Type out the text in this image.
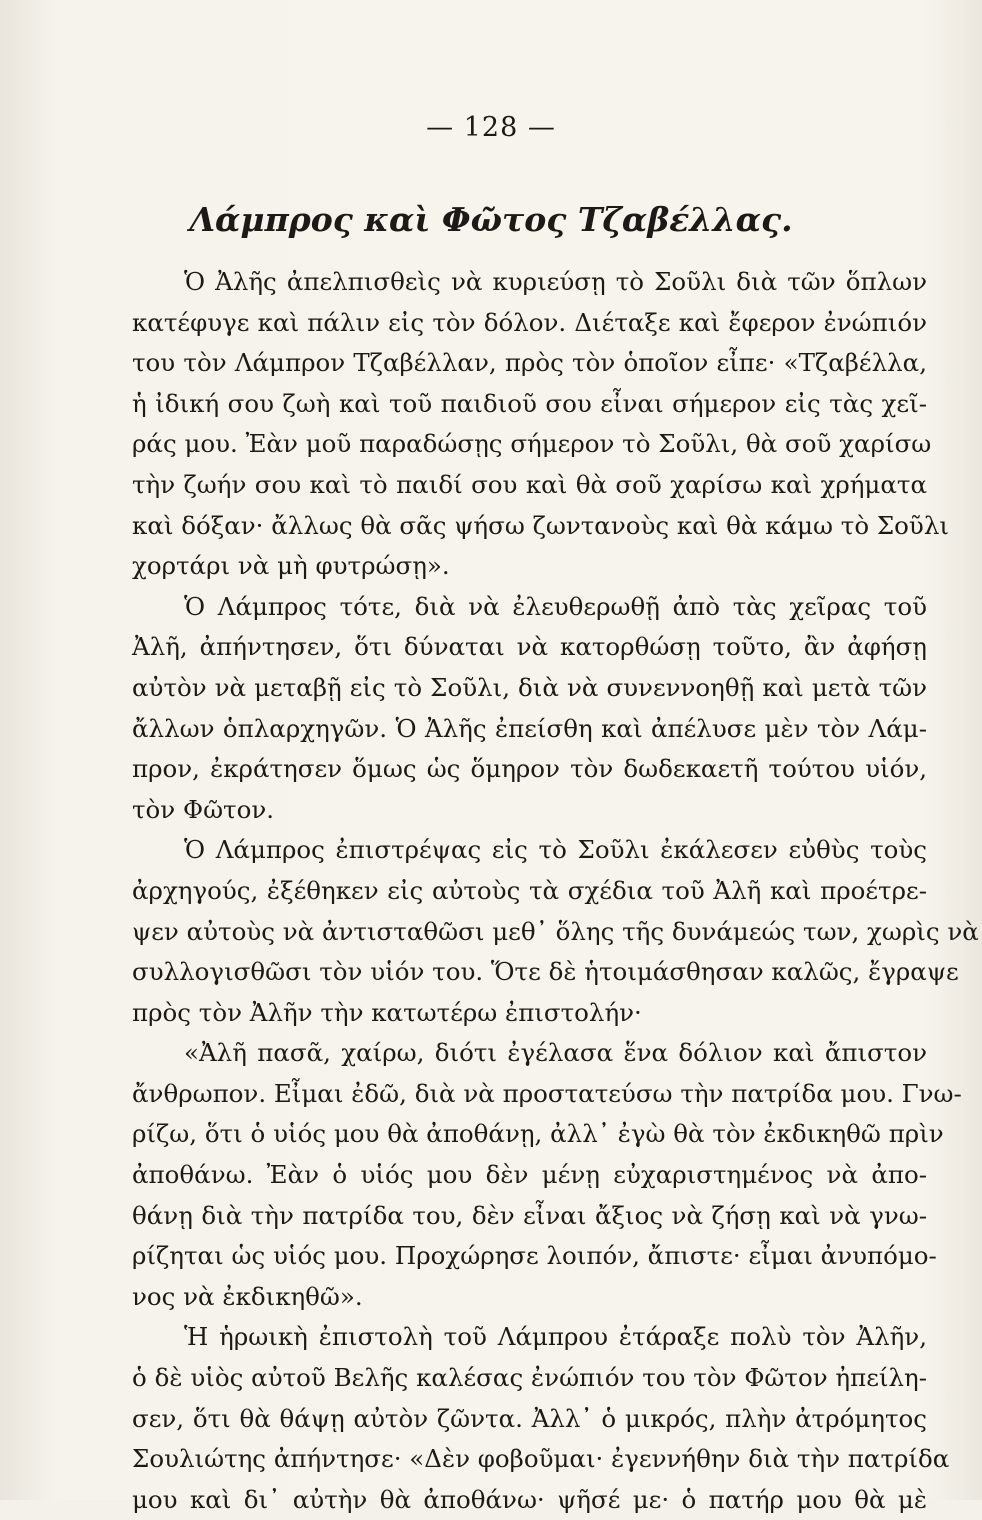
— 128 —
Λάμπρος καὶ Φῶτος Τζαβέλλας.
Ὁ Ἀλῆς ἀπελπισθεὶς νὰ κυριεύσῃ τὸ Σοῦλι διὰ τῶν ὅπλων
κατέφυγε καὶ πάλιν εἰς τὸν δόλον. Διέταξε καὶ ἔφερον ἐνώπιόν
του τὸν Λάμπρον Τζαβέλλαν, πρὸς τὸν ὁποῖον εἶπε· «Τζαβέλλα,
ἡ ἰδική σου ζωὴ καὶ τοῦ παιδιοῦ σου εἶναι σήμερον εἰς τὰς χεῖ-
ράς μου. Ἐὰν μοῦ παραδώσῃς σήμερον τὸ Σοῦλι, θὰ σοῦ χαρίσω
τὴν ζωήν σου καὶ τὸ παιδί σου καὶ θὰ σοῦ χαρίσω καὶ χρήματα
καὶ δόξαν· ἄλλως θὰ σᾶς ψήσω ζωντανοὺς καὶ θὰ κάμω τὸ Σοῦλι
χορτάρι νὰ μὴ φυτρώσῃ».
Ὁ Λάμπρος τότε, διὰ νὰ ἐλευθερωθῇ ἀπὸ τὰς χεῖρας τοῦ
Ἀλῆ, ἀπήντησεν, ὅτι δύναται νὰ κατορθώσῃ τοῦτο, ἂν ἀφήσῃ
αὐτὸν νὰ μεταβῇ εἰς τὸ Σοῦλι, διὰ νὰ συνεννοηθῇ καὶ μετὰ τῶν
ἄλλων ὁπλαρχηγῶν. Ὁ Ἀλῆς ἐπείσθη καὶ ἀπέλυσε μὲν τὸν Λάμ-
προν, ἐκράτησεν ὅμως ὡς ὅμηρον τὸν δωδεκαετῆ τούτου υἱόν,
τὸν Φῶτον.
Ὁ Λάμπρος ἐπιστρέψας εἰς τὸ Σοῦλι ἐκάλεσεν εὐθὺς τοὺς
ἀρχηγούς, ἐξέθηκεν εἰς αὐτοὺς τὰ σχέδια τοῦ Ἀλῆ καὶ προέτρε-
ψεν αὐτοὺς νὰ ἀντισταθῶσι μεθ᾽ ὅλης τῆς δυνάμεώς των, χωρὶς νὰ
συλλογισθῶσι τὸν υἱόν του. Ὅτε δὲ ἡτοιμάσθησαν καλῶς, ἔγραψε
πρὸς τὸν Ἀλῆν τὴν κατωτέρω ἐπιστολήν·
«Ἀλῆ πασᾶ, χαίρω, διότι ἐγέλασα ἕνα δόλιον καὶ ἄπιστον
ἄνθρωπον. Εἶμαι ἐδῶ, διὰ νὰ προστατεύσω τὴν πατρίδα μου. Γνω-
ρίζω, ὅτι ὁ υἱός μου θὰ ἀποθάνῃ, ἀλλ᾽ ἐγὼ θὰ τὸν ἐκδικηθῶ πρὶν
ἀποθάνω. Ἐὰν ὁ υἱός μου δὲν μένῃ εὐχαριστημένος νὰ ἀπο-
θάνῃ διὰ τὴν πατρίδα του, δὲν εἶναι ἄξιος νὰ ζήσῃ καὶ νὰ γνω-
ρίζηται ὡς υἱός μου. Προχώρησε λοιπόν, ἄπιστε· εἶμαι ἀνυπόμο-
νος νὰ ἐκδικηθῶ».
Ἡ ἡρωικὴ ἐπιστολὴ τοῦ Λάμπρου ἐτάραξε πολὺ τὸν Ἀλῆν,
ὁ δὲ υἱὸς αὐτοῦ Βελῆς καλέσας ἐνώπιόν του τὸν Φῶτον ἠπείλη-
σεν, ὅτι θὰ θάψῃ αὐτὸν ζῶντα. Ἀλλ᾽ ὁ μικρός, πλὴν ἀτρόμητος
Σουλιώτης ἀπήντησε· «Δὲν φοβοῦμαι· ἐγεννήθην διὰ τὴν πατρίδα
μου καὶ δι᾽ αὐτὴν θὰ ἀποθάνω· ψῆσέ με· ὁ πατήρ μου θὰ μὲ
